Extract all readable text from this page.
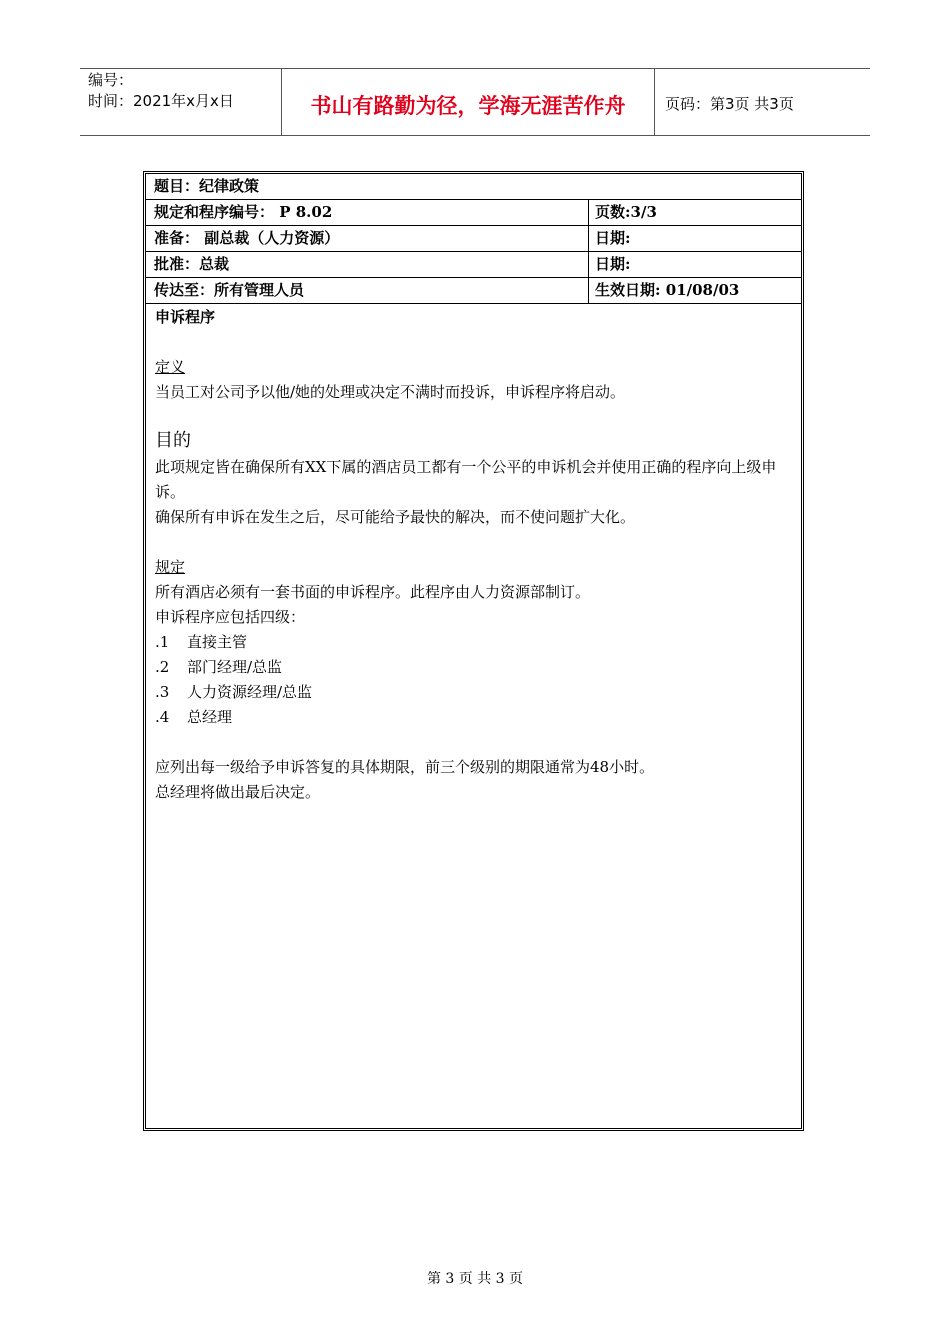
编号：
时间：2021年x月x日	书山有路勤为径，学海无涯苦作舟	页码：第3页 共3页
题目：纪律政策
规定和程序编号： P 8.02	页数:3/3
准备： 副总裁（人力资源）	日期:
批准：总裁	日期:
传达至：所有管理人员	生效日期: 01/08/03

申诉程序

定义

当员工对公司予以他/她的处理或决定不满时而投诉，申诉程序将启动。

目的

此项规定皆在确保所有XX下属的酒店员工都有一个公平的申诉机会并使用正确的程序向上级申诉。

确保所有申诉在发生之后，尽可能给予最快的解决，而不使问题扩大化。

规定

所有酒店必须有一套书面的申诉程序。此程序由人力资源部制订。

申诉程序应包括四级：

.1	直接主管
.2	部门经理/总监
.3	人力资源经理/总监
.4	总经理

应列出每一级给予申诉答复的具体期限，前三个级别的期限通常为48小时。

总经理将做出最后决定。

第 3 页 共 3 页
